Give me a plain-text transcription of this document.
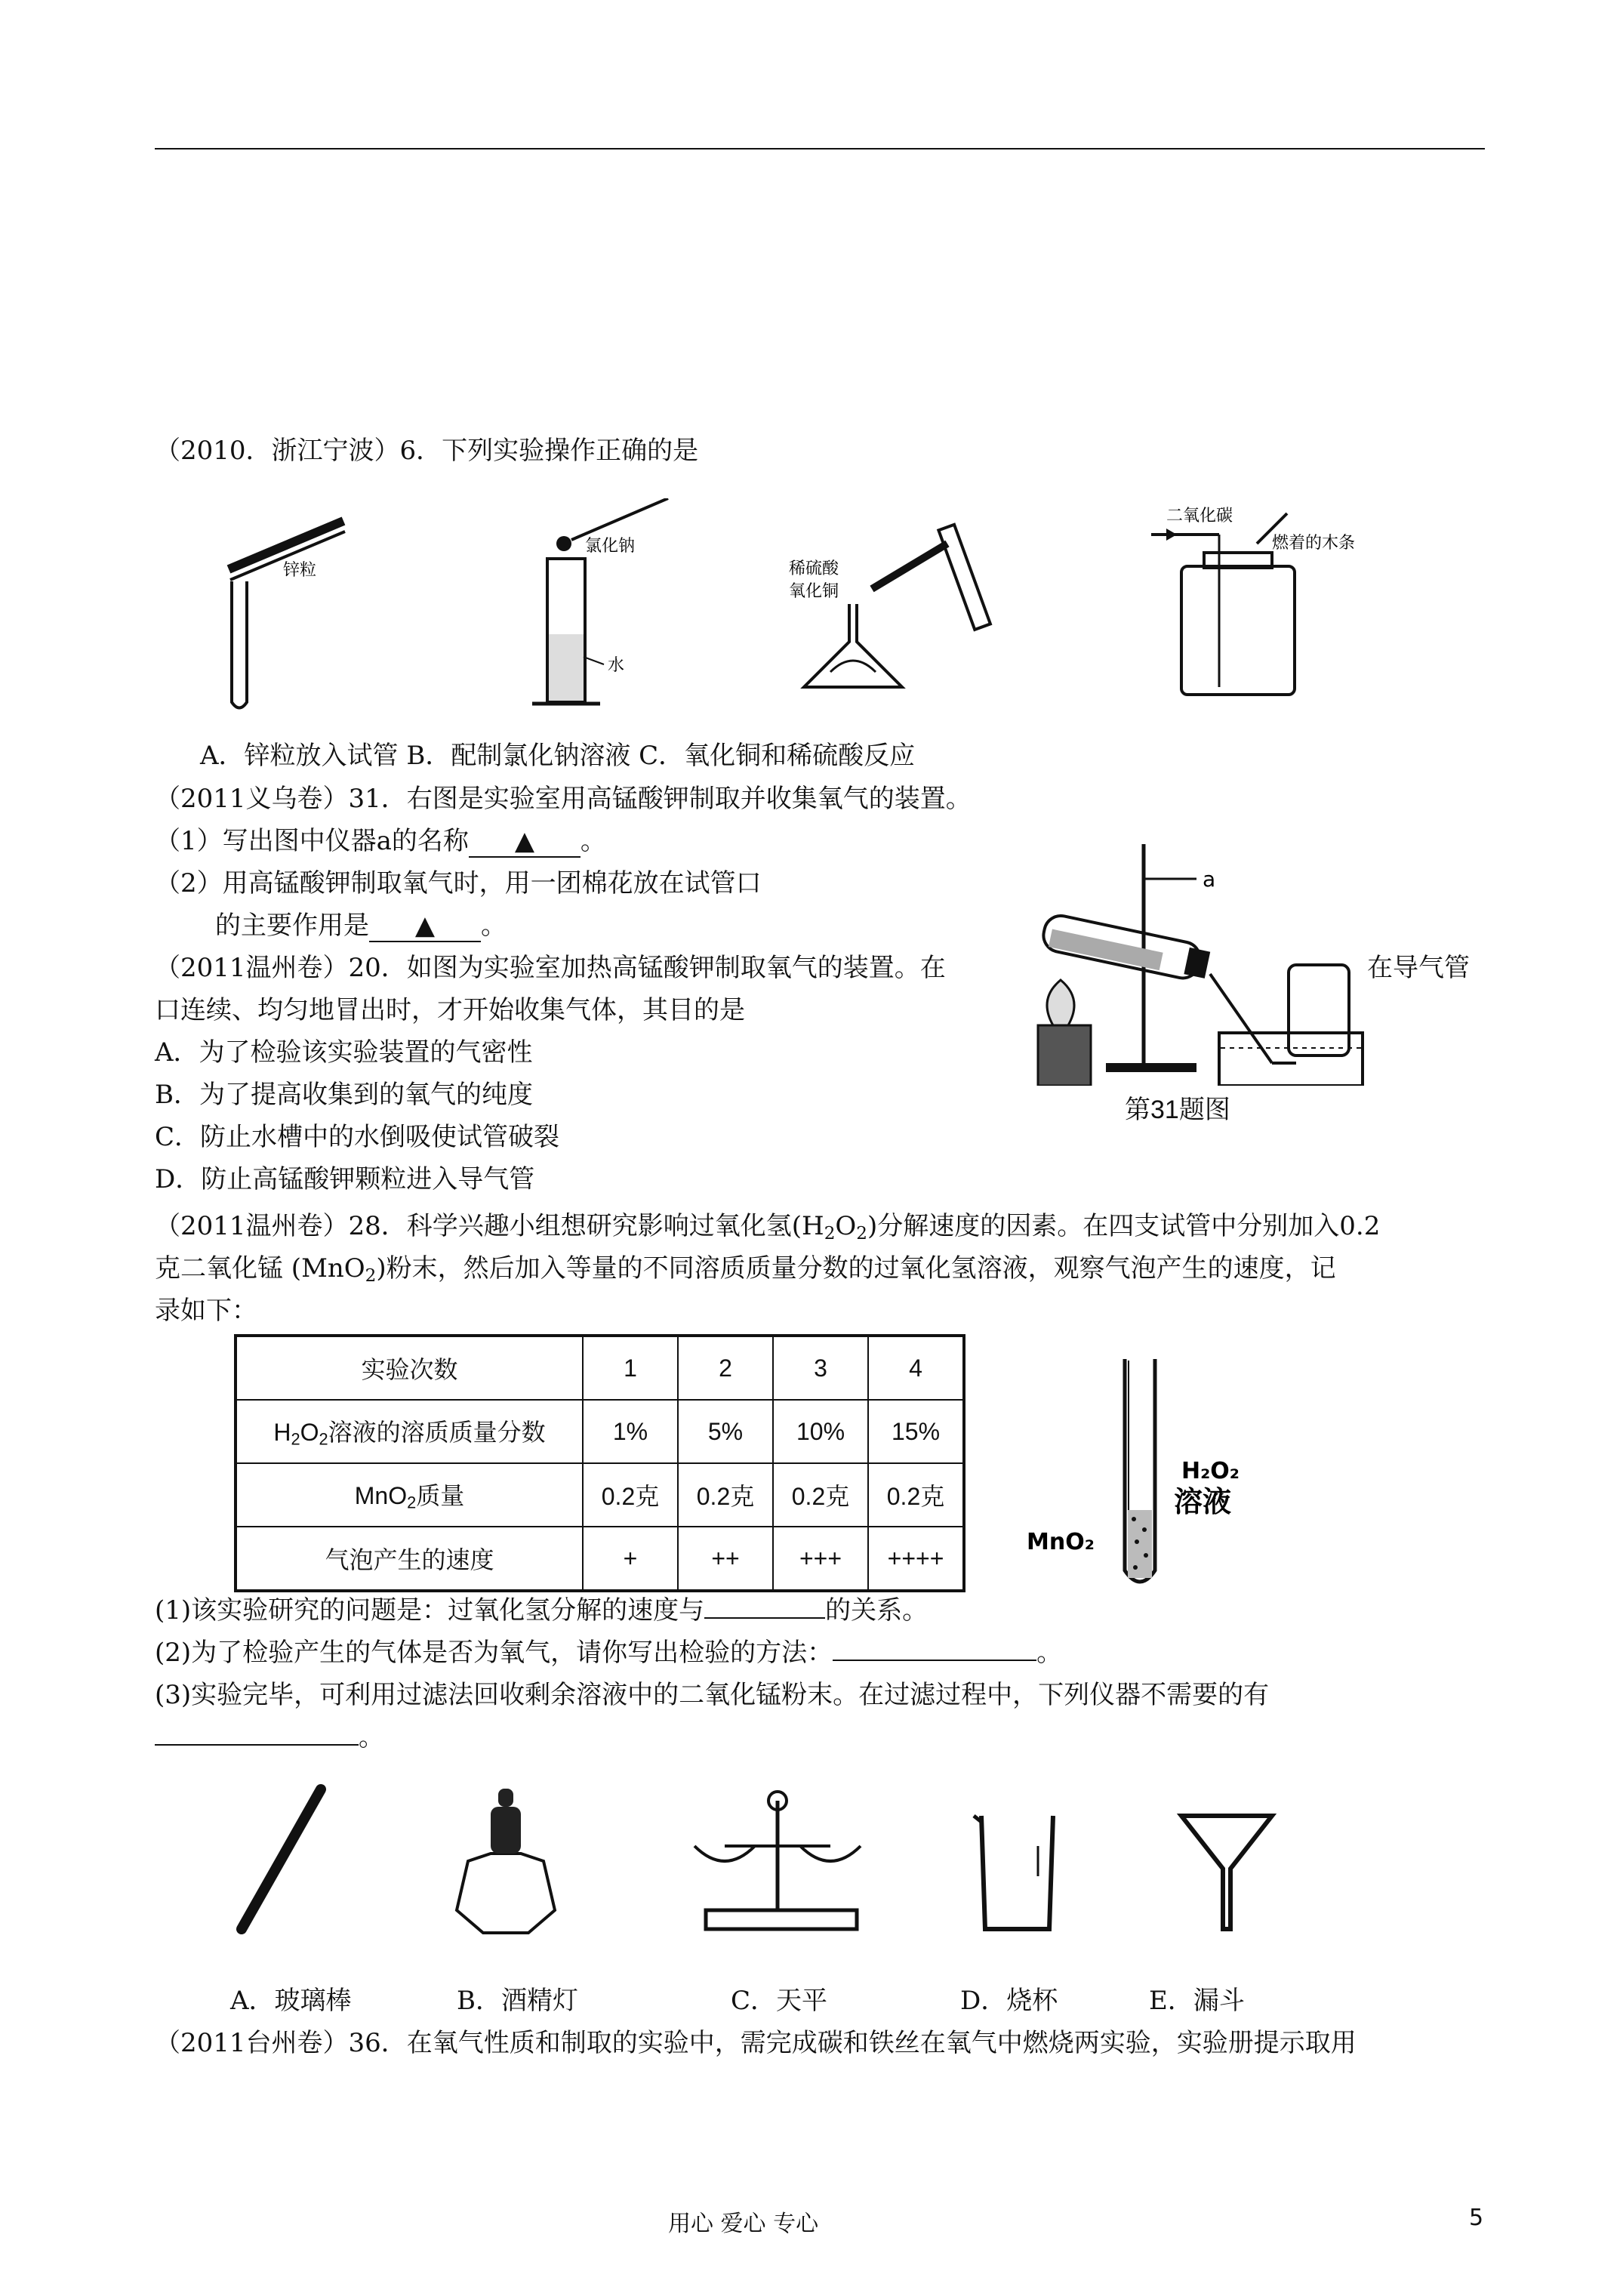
（2010．浙江宁波）6．下列实验操作正确的是
锌粒
氯化钠
水
稀硫酸
氧化铜
二氧化碳
燃着的木条
A．锌粒放入试管 B．配制氯化钠溶液 C．氧化铜和稀硫酸反应
（2011义乌卷）31．右图是实验室用高锰酸钾制取并收集氧气的装置。
（1）写出图中仪器a的名称 ▲ 。
（2）用高锰酸钾制取氧气时，用一团棉花放在试管口
的主要作用是 ▲ 。
a
第31题图
（2011温州卷）20．如图为实验室加热高锰酸钾制取氧气的装置。在	在导气管
口连续、均匀地冒出时，才开始收集气体，其目的是
A．为了检验该实验装置的气密性
B．为了提高收集到的氧气的纯度
C．防止水槽中的水倒吸使试管破裂
D．防止高锰酸钾颗粒进入导气管
（2011温州卷）28．科学兴趣小组想研究影响过氧化氢$(H_2O_2)$分解速度的因素。在四支试管中分别加入0.2
克二氧化锰 (MnO$_2$)粉末，然后加入等量的不同溶质质量分数的过氧化氢溶液，观察气泡产生的速度，记
录如下：
实验次数	1	2	3	4
$H_2O_2$溶液的溶质质量分数	1%	5%	10%	15%
MnO$_2$质量	0.2克	0.2克	0.2克	0.2克
气泡产生的速度	+	++	+++	++++
H₂O₂
溶液
MnO₂
(1)该实验研究的问题是：过氧化氢分解的速度与	的关系。
(2)为了检验产生的气体是否为氧气，请你写出检验的方法：	。
(3)实验完毕，可利用过滤法回收剩余溶液中的二氧化锰粉末。在过滤过程中，下列仪器不需要的有
。
A．玻璃棒	B．酒精灯	C．天平	D．烧杯	E．漏斗
（2011台州卷）36．在氧气性质和制取的实验中，需完成碳和铁丝在氧气中燃烧两实验，实验册提示取用
用心 爱心 专心	5
